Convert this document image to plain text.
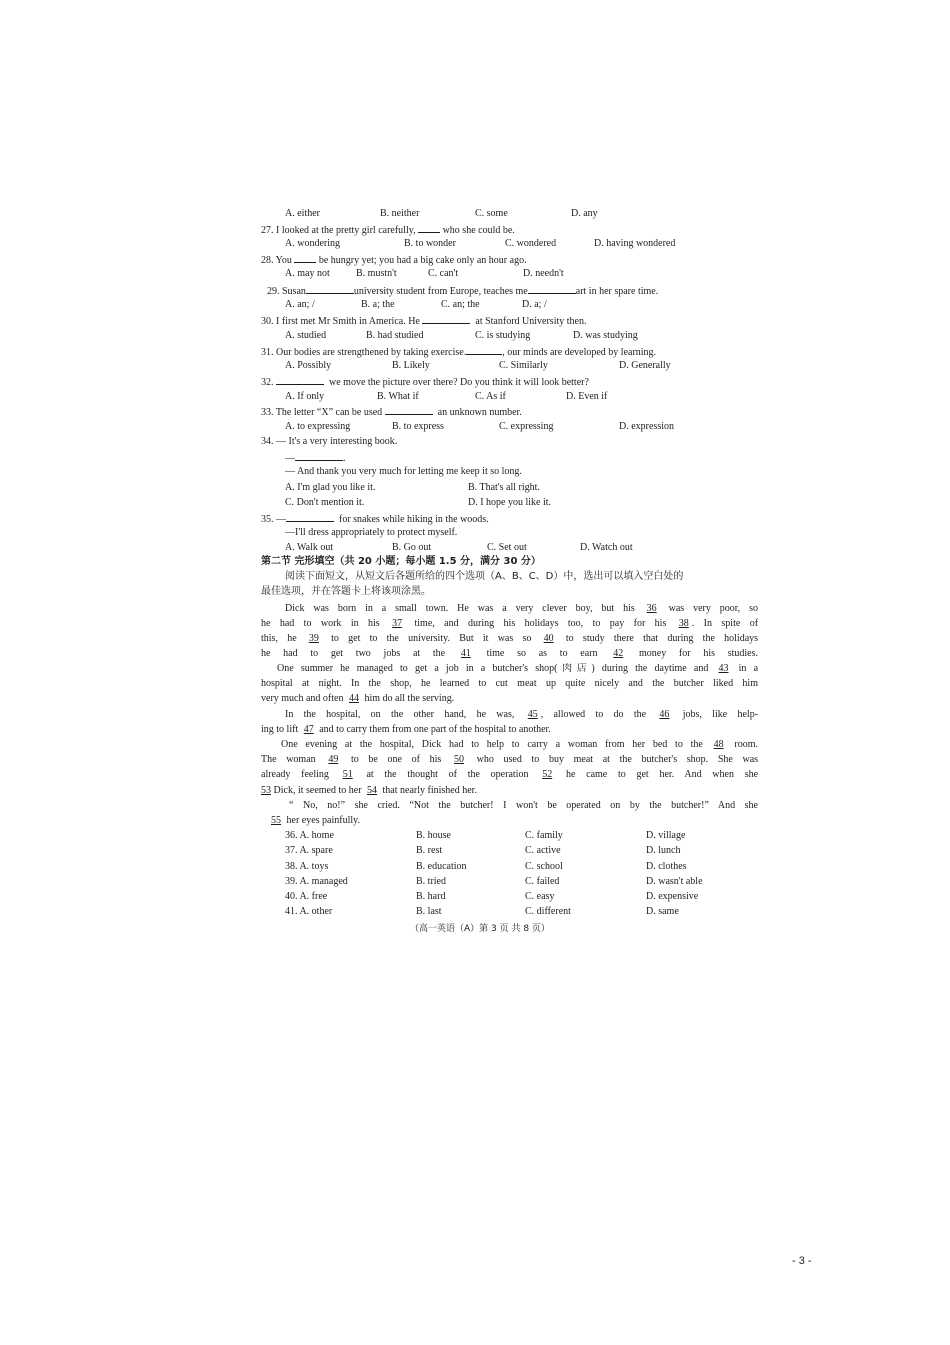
A. either	B. neither	C. some	D. any
27. I looked at the pretty girl carefully,	who she could be.
A. wondering	B. to wonder	C. wondered	D. having wondered
28. You	be hungry yet; you had a big cake only an hour ago.
A. may not	B. mustn't	C. can't	D. needn't
29. Susan	university student from Europe, teaches me	art in her spare time.
A. an; /	B. a; the	C. an; the	D. a; /
30. I first met Mr Smith in America. He	at Stanford University then.
A. studied	B. had studied	C. is studying	D. was studying
31. Our bodies are strengthened by taking exercise.	, our minds are developed by learning.
A. Possibly	B. Likely	C. Similarly	D. Generally
32.	we move the picture over there? Do you think it will look better?
A. If only	B. What if	C. As if	D. Even if
33. The letter “X” can be used	an unknown number.
A. to expressing	B. to express	C. expressing	D. expression
34. — It's a very interesting book.
—	.
— And thank you very much for letting me keep it so long.
A. I'm glad you like it.	B. That's all right.
C. Don't mention it.	D. I hope you like it.
35. —	for snakes while hiking in the woods.
—I'll dress appropriately to protect myself.
A. Walk out	B. Go out	C. Set out	D. Watch out
第二节 完形填空（共 20 小题；每小题 1.5 分，满分 30 分）
阅读下面短文，从短文后各题所给的四个选项（A、B、C、D）中，选出可以填入空白处的
最佳选项，并在答题卡上将该项涂黑。
Dick was born in a small town. He was a very clever boy, but his 36 was very poor, so
he had to work in his 37 time, and during his holidays too, to pay for his 38 . In spite of
this, he 39 to get to the university. But it was so 40 to study there that during the holidays
he had to get two jobs at the 41 time so as to earn 42 money for his studies.
One summer he managed to get a job in a butcher's shop(肉店) during the daytime and 43 in a
hospital at night. In the shop, he learned to cut meat up quite nicely and the butcher liked him
very much and often 44 him do all the serving.
In the hospital, on the other hand, he was, 45 , allowed to do the 46 jobs, like help-
ing to lift 47 and to carry them from one part of the hospital to another.
One evening at the hospital, Dick had to help to carry a woman from her bed to the 48 room.
The woman 49 to be one of his 50 who used to buy meat at the butcher's shop. She was
already feeling 51 at the thought of the operation 52 he came to get her. And when she
53 Dick, it seemed to her 54 that nearly finished her.
“ No, no!” she cried. “Not the butcher! I won't be operated on by the butcher!” And she
55 her eyes painfully.
36. A. home	B. house	C. family	D. village
37. A. spare	B. rest	C. active	D. lunch
38. A. toys	B. education	C. school	D. clothes
39. A. managed	B. tried	C. failed	D. wasn't able
40. A. free	B. hard	C. easy	D. expensive
41. A. other	B. last	C. different	D. same
（高一英语（A）第 3 页 共 8 页）
- 3 -
